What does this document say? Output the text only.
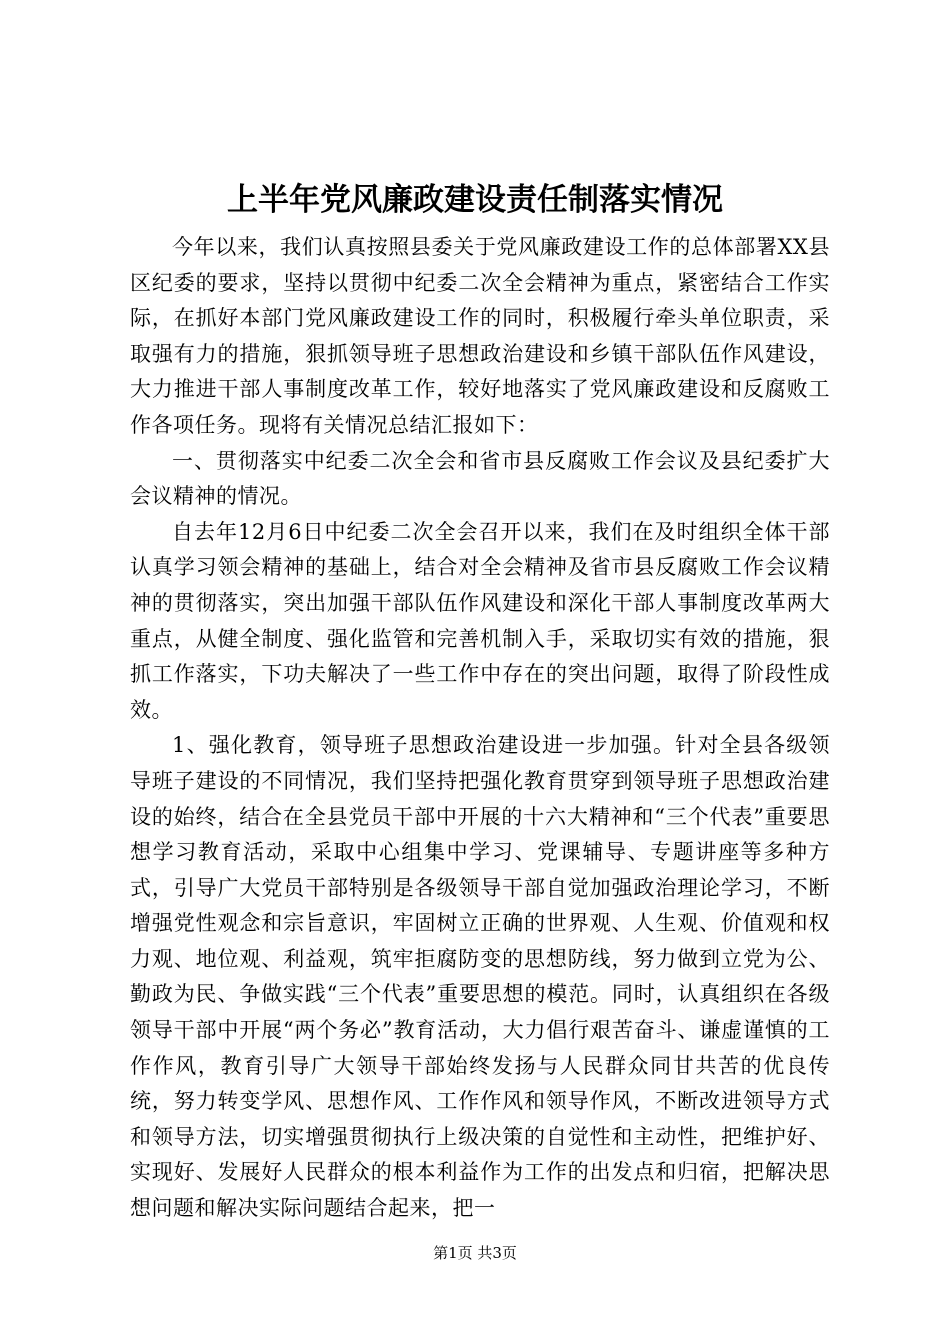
上半年党风廉政建设责任制落实情况

今年以来，我们认真按照县委关于党风廉政建设工作的总体部署XX县区纪委的要求，坚持以贯彻中纪委二次全会精神为重点，紧密结合工作实际，在抓好本部门党风廉政建设工作的同时，积极履行牵头单位职责，采取强有力的措施，狠抓领导班子思想政治建设和乡镇干部队伍作风建设，大力推进干部人事制度改革工作，较好地落实了党风廉政建设和反腐败工作各项任务。现将有关情况总结汇报如下：

一、贯彻落实中纪委二次全会和省市县反腐败工作会议及县纪委扩大会议精神的情况。

自去年12月6日中纪委二次全会召开以来，我们在及时组织全体干部认真学习领会精神的基础上，结合对全会精神及省市县反腐败工作会议精神的贯彻落实，突出加强干部队伍作风建设和深化干部人事制度改革两大重点，从健全制度、强化监管和完善机制入手，采取切实有效的措施，狠抓工作落实，下功夫解决了一些工作中存在的突出问题，取得了阶段性成效。

1、强化教育，领导班子思想政治建设进一步加强。针对全县各级领导班子建设的不同情况，我们坚持把强化教育贯穿到领导班子思想政治建设的始终，结合在全县党员干部中开展的十六大精神和“三个代表”重要思想学习教育活动，采取中心组集中学习、党课辅导、专题讲座等多种方式，引导广大党员干部特别是各级领导干部自觉加强政治理论学习，不断增强党性观念和宗旨意识，牢固树立正确的世界观、人生观、价值观和权力观、地位观、利益观，筑牢拒腐防变的思想防线，努力做到立党为公、勤政为民、争做实践“三个代表”重要思想的模范。同时，认真组织在各级领导干部中开展“两个务必”教育活动，大力倡行艰苦奋斗、谦虚谨慎的工作作风，教育引导广大领导干部始终发扬与人民群众同甘共苦的优良传统，努力转变学风、思想作风、工作作风和领导作风，不断改进领导方式和领导方法，切实增强贯彻执行上级决策的自觉性和主动性，把维护好、实现好、发展好人民群众的根本利益作为工作的出发点和归宿，把解决思想问题和解决实际问题结合起来，把一

第1页 共3页
